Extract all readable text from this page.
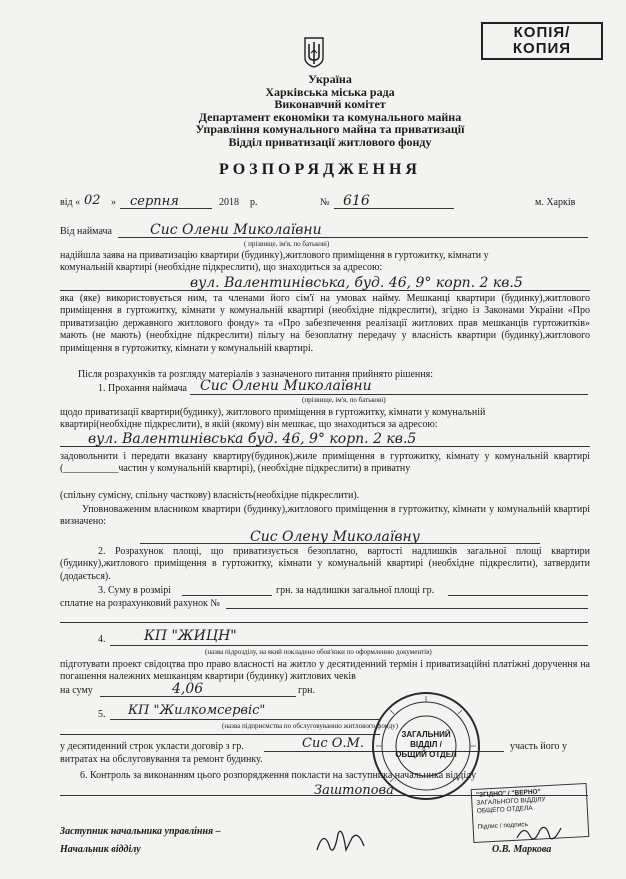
КОПІЯ/
КОПИЯ
Україна
Харківська міська рада
Виконавчий комітет
Департамент економіки та комунального майна
Управління комунального майна та приватизації
Відділ приватизації житлового фонду
РОЗПОРЯДЖЕННЯ
від « 02 » серпня	2018 р.	№ 616	м. Харків
Від наймача	Сис Олени Миколаївни
( прізвище, ім'я, по батькові)
надійшла заява на приватизацію квартири (будинку),житлового приміщення в гуртожитку, кімнати у
комунальній квартирі (необхідне підкреслити), що знаходиться за адресою:
вул. Валентинівська, буд. 46, 9° корп. 2 кв.5
яка (яке) використовується ним, та членами його сім'ї на умовах найму. Мешканці квартири (будинку),житлового приміщення в гуртожитку, кімнати у комунальній квартирі (необхідне підкреслити), згідно із Законами України «Про приватизацію державного житлового фонду» та «Про забезпечення реалізації житлових прав мешканців гуртожитків» мають (не мають) (необхідне підкреслити) пільгу на безоплатну передачу у власність квартири (будинку),житлового приміщення в гуртожитку, кімнати у комунальній квартирі.
Після розрахунків та розгляду матеріалів з зазначеного питання прийнято рішення:
1. Прохання наймача Сис Олени Миколаївни
(прізвище, ім'я, по батькові)
щодо приватизації квартири(будинку), житлового приміщення в гуртожитку, кімнати у комунальній
квартирі(необхідне підкреслити), в якій (якому) він мешкає, що знаходиться за адресою:
вул. Валентинівська буд. 46, 9° корп. 2 кв.5
задовольнити і передати вказану квартиру(будинок),жиле приміщення в гуртожитку, кімнату у комунальній квартирі (___________частин у комунальній квартирі), (необхідне підкреслити) в приватну
(спільну сумісну, спільну часткову) власність(необхідне підкреслити).
Уповноваженим власником квартири (будинку),житлового приміщення в гуртожитку, кімнати у комунальній квартирі визначено:
Сис Олену Миколаївну
2. Розрахунок площі, що приватизується безоплатно, вартості надлишків загальної площі квартири (будинку),житлового приміщення в гуртожитку, кімнати у комунальній квартирі (необхідне підкреслити), затвердити (додається).
3. Суму в розмірі	грн. за надлишки загальної площі гр.
сплатне на розрахунковий рахунок №
4.	КП "ЖИЦН"
(назва підрозділу, на який покладено обов'язки по оформленню документів)
підготувати проект свідоцтва про право власності на житло у десятиденний термін і приватизаційні платіжні доручення на погашення належних мешканцям квартири (будинку) житлових чеків
на суму	4,06	грн.
5. КП "Жилкомсервіс"
(назва підприємства по обслуговуванню житлового фонду)
у десятиденний строк укласти договір з гр.	Сис О.М.	участь його у
витратах на обслуговування та ремонт будинку.
6. Контроль за виконанням цього розпорядження покласти на заступника начальника відділу
Заштопова
Заступник начальника управління –
Начальник відділу	О.В. Маркова
ЗАГАЛЬНИЙ
ВІДДІЛ /
ОБЩИЙ ОТДЕЛ
"ЗГІДНО" / "ВЕРНО"
ЗАГАЛЬНОГО ВІДДІЛУ
ОБЩЕГО ОТДЕЛА
Підпис / подпись
